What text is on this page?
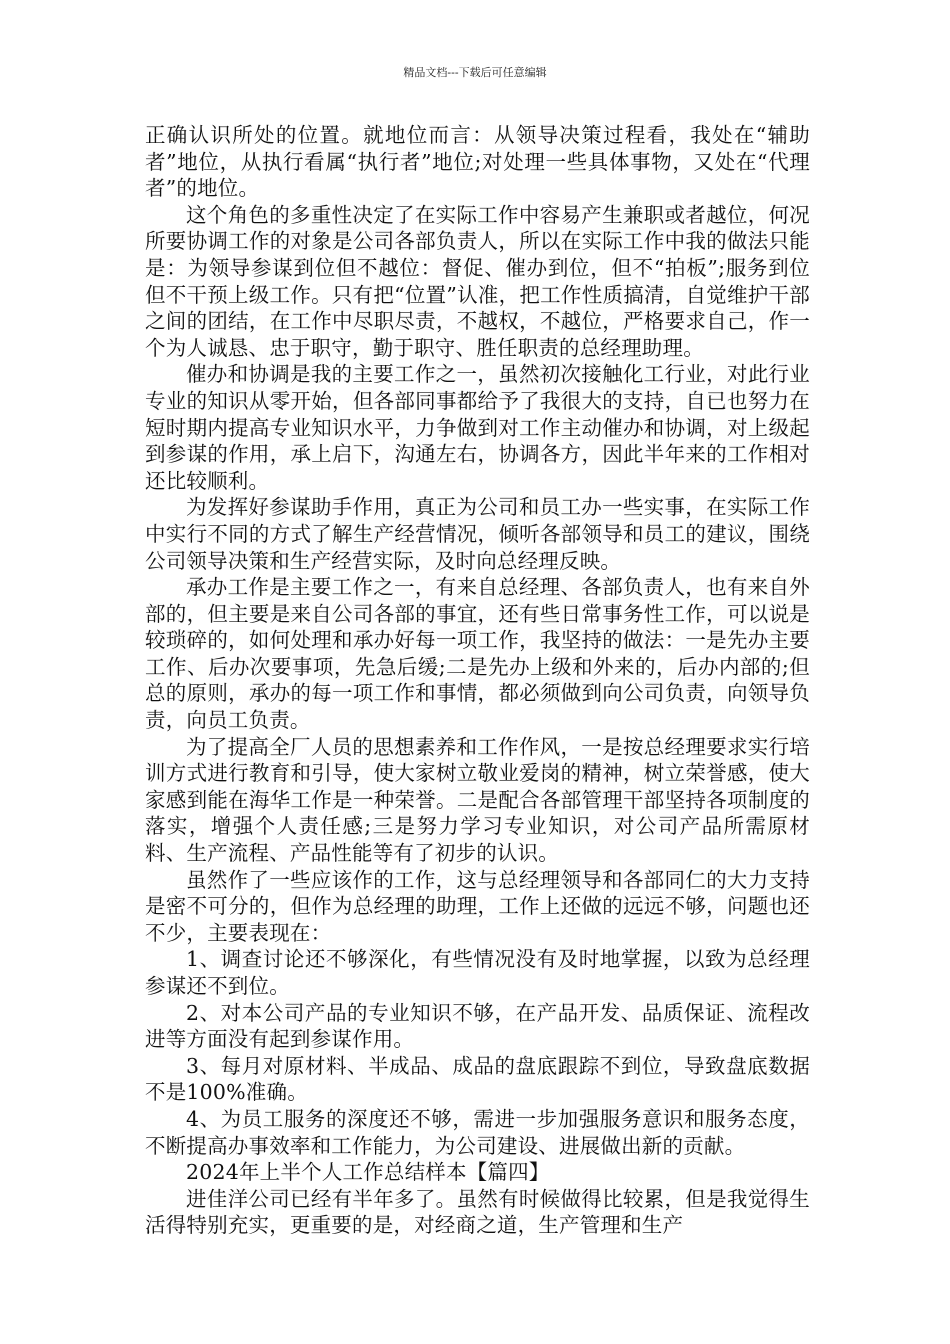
精品文档---下载后可任意编辑

正确认识所处的位置。就地位而言：从领导决策过程看，我处在“辅助者”地位，从执行看属“执行者”地位;对处理一些具体事物，又处在“代理者”的地位。

这个角色的多重性决定了在实际工作中容易产生兼职或者越位，何况所要协调工作的对象是公司各部负责人，所以在实际工作中我的做法只能是：为领导参谋到位但不越位：督促、催办到位，但不“拍板”;服务到位但不干预上级工作。只有把“位置”认准，把工作性质搞清，自觉维护干部之间的团结，在工作中尽职尽责，不越权，不越位，严格要求自己，作一个为人诚恳、忠于职守，勤于职守、胜任职责的总经理助理。

催办和协调是我的主要工作之一，虽然初次接触化工行业，对此行业专业的知识从零开始，但各部同事都给予了我很大的支持，自已也努力在短时期内提高专业知识水平，力争做到对工作主动催办和协调，对上级起到参谋的作用，承上启下，沟通左右，协调各方，因此半年来的工作相对还比较顺利。

为发挥好参谋助手作用，真正为公司和员工办一些实事，在实际工作中实行不同的方式了解生产经营情况，倾听各部领导和员工的建议，围绕公司领导决策和生产经营实际，及时向总经理反映。

承办工作是主要工作之一，有来自总经理、各部负责人，也有来自外部的，但主要是来自公司各部的事宜，还有些日常事务性工作，可以说是较琐碎的，如何处理和承办好每一项工作，我坚持的做法：一是先办主要工作、后办次要事项，先急后缓;二是先办上级和外来的，后办内部的;但总的原则，承办的每一项工作和事情，都必须做到向公司负责，向领导负责，向员工负责。

为了提高全厂人员的思想素养和工作作风，一是按总经理要求实行培训方式进行教育和引导，使大家树立敬业爱岗的精神，树立荣誉感，使大家感到能在海华工作是一种荣誉。二是配合各部管理干部坚持各项制度的落实，增强个人责任感;三是努力学习专业知识，对公司产品所需原材料、生产流程、产品性能等有了初步的认识。

虽然作了一些应该作的工作，这与总经理领导和各部同仁的大力支持是密不可分的，但作为总经理的助理，工作上还做的远远不够，问题也还不少，主要表现在：

1、调查讨论还不够深化，有些情况没有及时地掌握，以致为总经理参谋还不到位。

2、对本公司产品的专业知识不够，在产品开发、品质保证、流程改进等方面没有起到参谋作用。

3、每月对原材料、半成品、成品的盘底跟踪不到位，导致盘底数据不是100%准确。

4、为员工服务的深度还不够，需进一步加强服务意识和服务态度，不断提高办事效率和工作能力，为公司建设、进展做出新的贡献。

2024年上半个人工作总结样本【篇四】

进佳洋公司已经有半年多了。虽然有时候做得比较累，但是我觉得生活得特别充实，更重要的是，对经商之道，生产管理和生产
